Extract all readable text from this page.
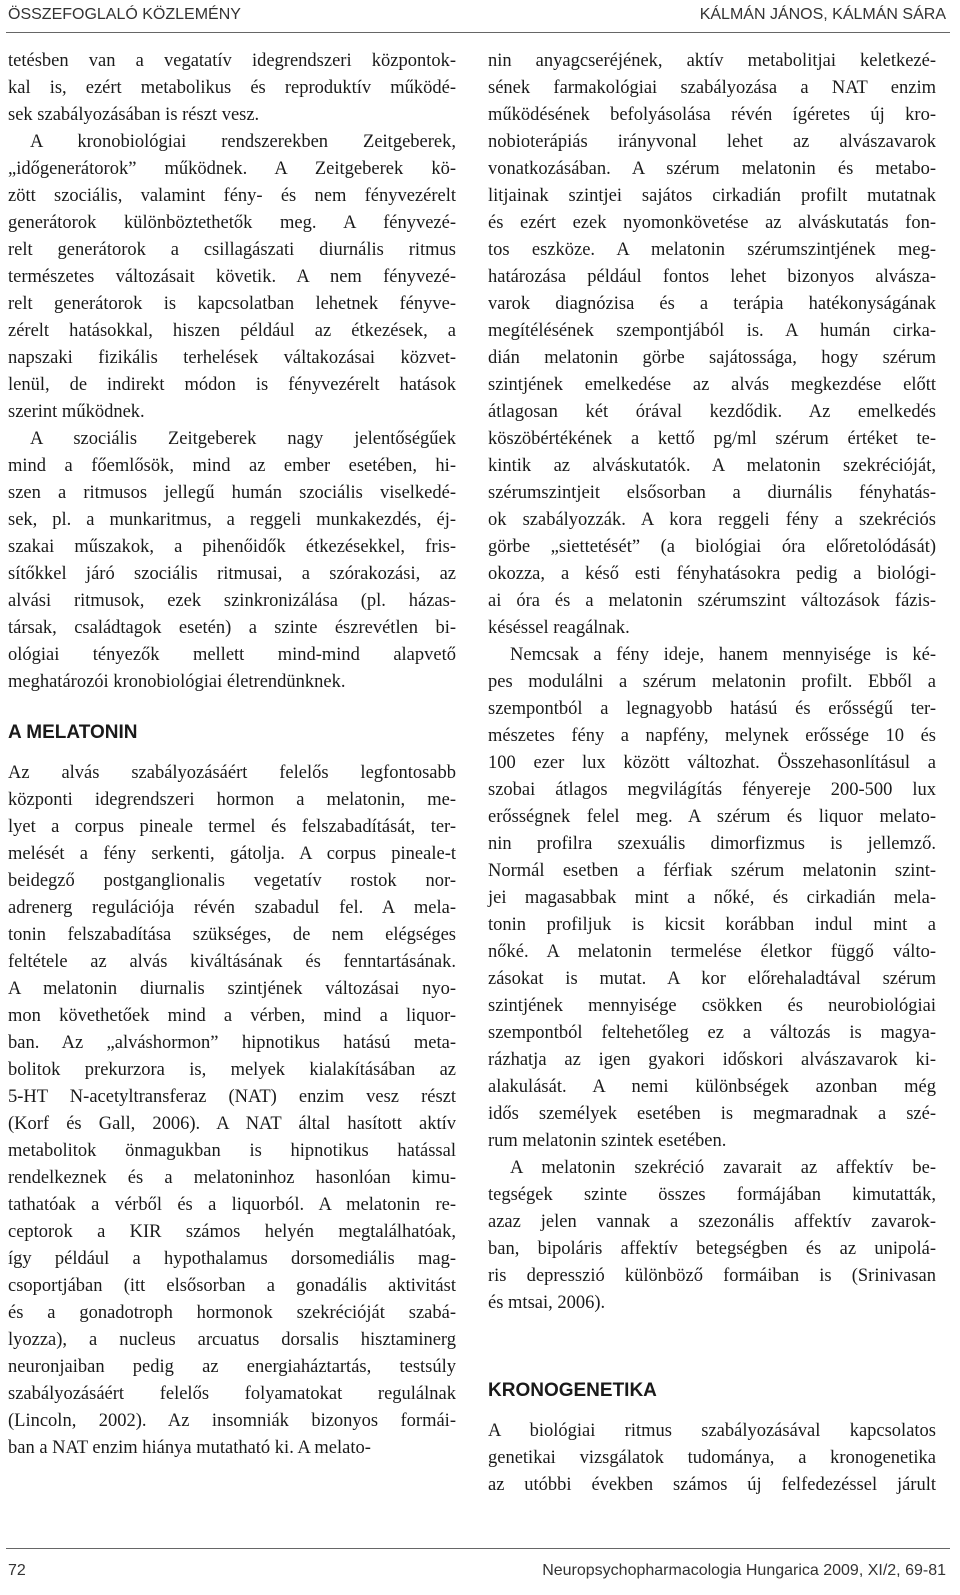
ÖSSZEFOGLALÓ KÖZLEMÉNY	KÁLMÁN JÁNOS, KÁLMÁN SÁRA
tetésben van a vegatatív idegrendszeri központok-
kal is, ezért metabolikus és reproduktív működé-
sek szabályozásában is részt vesz.
A kronobiológiai rendszerekben Zeitgeberek,
„időgenerátorok” működnek. A Zeitgeberek kö-
zött szociális, valamint fény- és nem fényvezérelt
generátorok különböztethetők meg. A fényvezé-
relt generátorok a csillagászati diurnális ritmus
természetes változásait követik. A nem fényvezé-
relt generátorok is kapcsolatban lehetnek fényve-
zérelt hatásokkal, hiszen például az étkezések, a
napszaki fizikális terhelések váltakozásai közvet-
lenül, de indirekt módon is fényvezérelt hatások
szerint működnek.
A szociális Zeitgeberek nagy jelentőségűek
mind a főemlősök, mind az ember esetében, hi-
szen a ritmusos jellegű humán szociális viselkedé-
sek, pl. a munkaritmus, a reggeli munkakezdés, éj-
szakai műszakok, a pihenőidők étkezésekkel, fris-
sítőkkel járó szociális ritmusai, a szórakozási, az
alvási ritmusok, ezek szinkronizálása (pl. házas-
társak, családtagok esetén) a szinte észrevétlen bi-
ológiai tényezők mellett mind-mind alapvető
meghatározói kronobiológiai életrendünknek.
A MELATONIN
Az alvás szabályozásáért felelős legfontosabb
központi idegrendszeri hormon a melatonin, me-
lyet a corpus pineale termel és felszabadítását, ter-
melését a fény serkenti, gátolja. A corpus pineale-t
beidegző postganglionalis vegetatív rostok nor-
adrenerg regulációja révén szabadul fel. A mela-
tonin felszabadítása szükséges, de nem elégséges
feltétele az alvás kiváltásának és fenntartásának.
A melatonin diurnalis szintjének változásai nyo-
mon követhetőek mind a vérben, mind a liquor-
ban. Az „alváshormon” hipnotikus hatású meta-
bolitok prekurzora is, melyek kialakításában az
5-HT N-acetyltransferaz (NAT) enzim vesz részt
(Korf és Gall, 2006). A NAT által hasított aktív
metabolitok önmagukban is hipnotikus hatással
rendelkeznek és a melatoninhoz hasonlóan kimu-
tathatóak a vérből és a liquorból. A melatonin re-
ceptorok a KIR számos helyén megtalálhatóak,
így például a hypothalamus dorsomediális mag-
csoportjában (itt elsősorban a gonadális aktivitást
és a gonadotroph hormonok szekrécióját szabá-
lyozza), a nucleus arcuatus dorsalis hisztaminerg
neuronjaiban pedig az energiaháztartás, testsúly
szabályozásáért felelős folyamatokat regulálnak
(Lincoln, 2002). Az insomniák bizonyos formái-
ban a NAT enzim hiánya mutatható ki. A melato-
nin anyagcseréjének, aktív metabolitjai keletkezé-
sének farmakológiai szabályozása a NAT enzim
működésének befolyásolása révén ígéretes új kro-
nobioterápiás irányvonal lehet az alvászavarok
vonatkozásában. A szérum melatonin és metabo-
litjainak szintjei sajátos cirkadián profilt mutatnak
és ezért ezek nyomonkövetése az alváskutatás fon-
tos eszköze. A melatonin szérumszintjének meg-
határozása például fontos lehet bizonyos alvásza-
varok diagnózisa és a terápia hatékonyságának
megítélésének szempontjából is. A humán cirka-
dián melatonin görbe sajátossága, hogy szérum
szintjének emelkedése az alvás megkezdése előtt
átlagosan két órával kezdődik. Az emelkedés
köszöbértékének a kettő pg/ml szérum értéket te-
kintik az alváskutatók. A melatonin szekrécióját,
szérumszintjeit elsősorban a diurnális fényhatás-
ok szabályozzák. A kora reggeli fény a szekréciós
görbe „siettetését” (a biológiai óra előretolódását)
okozza, a késő esti fényhatásokra pedig a biológi-
ai óra és a melatonin szérumszint változások fázis-
késéssel reagálnak.
Nemcsak a fény ideje, hanem mennyisége is ké-
pes modulálni a szérum melatonin profilt. Ebből a
szempontból a legnagyobb hatású és erősségű ter-
mészetes fény a napfény, melynek erőssége 10 és
100 ezer lux között változhat. Összehasonlításul a
szobai átlagos megvilágítás fényereje 200-500 lux
erősségnek felel meg. A szérum és liquor melato-
nin profilra szexuális dimorfizmus is jellemző.
Normál esetben a férfiak szérum melatonin szint-
jei magasabbak mint a nőké, és cirkadián mela-
tonin profiljuk is kicsit korábban indul mint a
nőké. A melatonin termelése életkor függő válto-
zásokat is mutat. A kor előrehaladtával szérum
szintjének mennyisége csökken és neurobiológiai
szempontból feltehetőleg ez a változás is magya-
rázhatja az igen gyakori időskori alvászavarok ki-
alakulását. A nemi különbségek azonban még
idős személyek esetében is megmaradnak a szé-
rum melatonin szintek esetében.
A melatonin szekréció zavarait az affektív be-
tegségek szinte összes formájában kimutatták,
azaz jelen vannak a szezonális affektív zavarok-
ban, bipoláris affektív betegségben és az unipolá-
ris depresszió különböző formáiban is (Srinivasan
és mtsai, 2006).
KRONOGENETIKA
A biológiai ritmus szabályozásával kapcsolatos
genetikai vizsgálatok tudománya, a kronogenetika
az utóbbi években számos új felfedezéssel járult
72	Neuropsychopharmacologia Hungarica 2009, XI/2, 69-81
